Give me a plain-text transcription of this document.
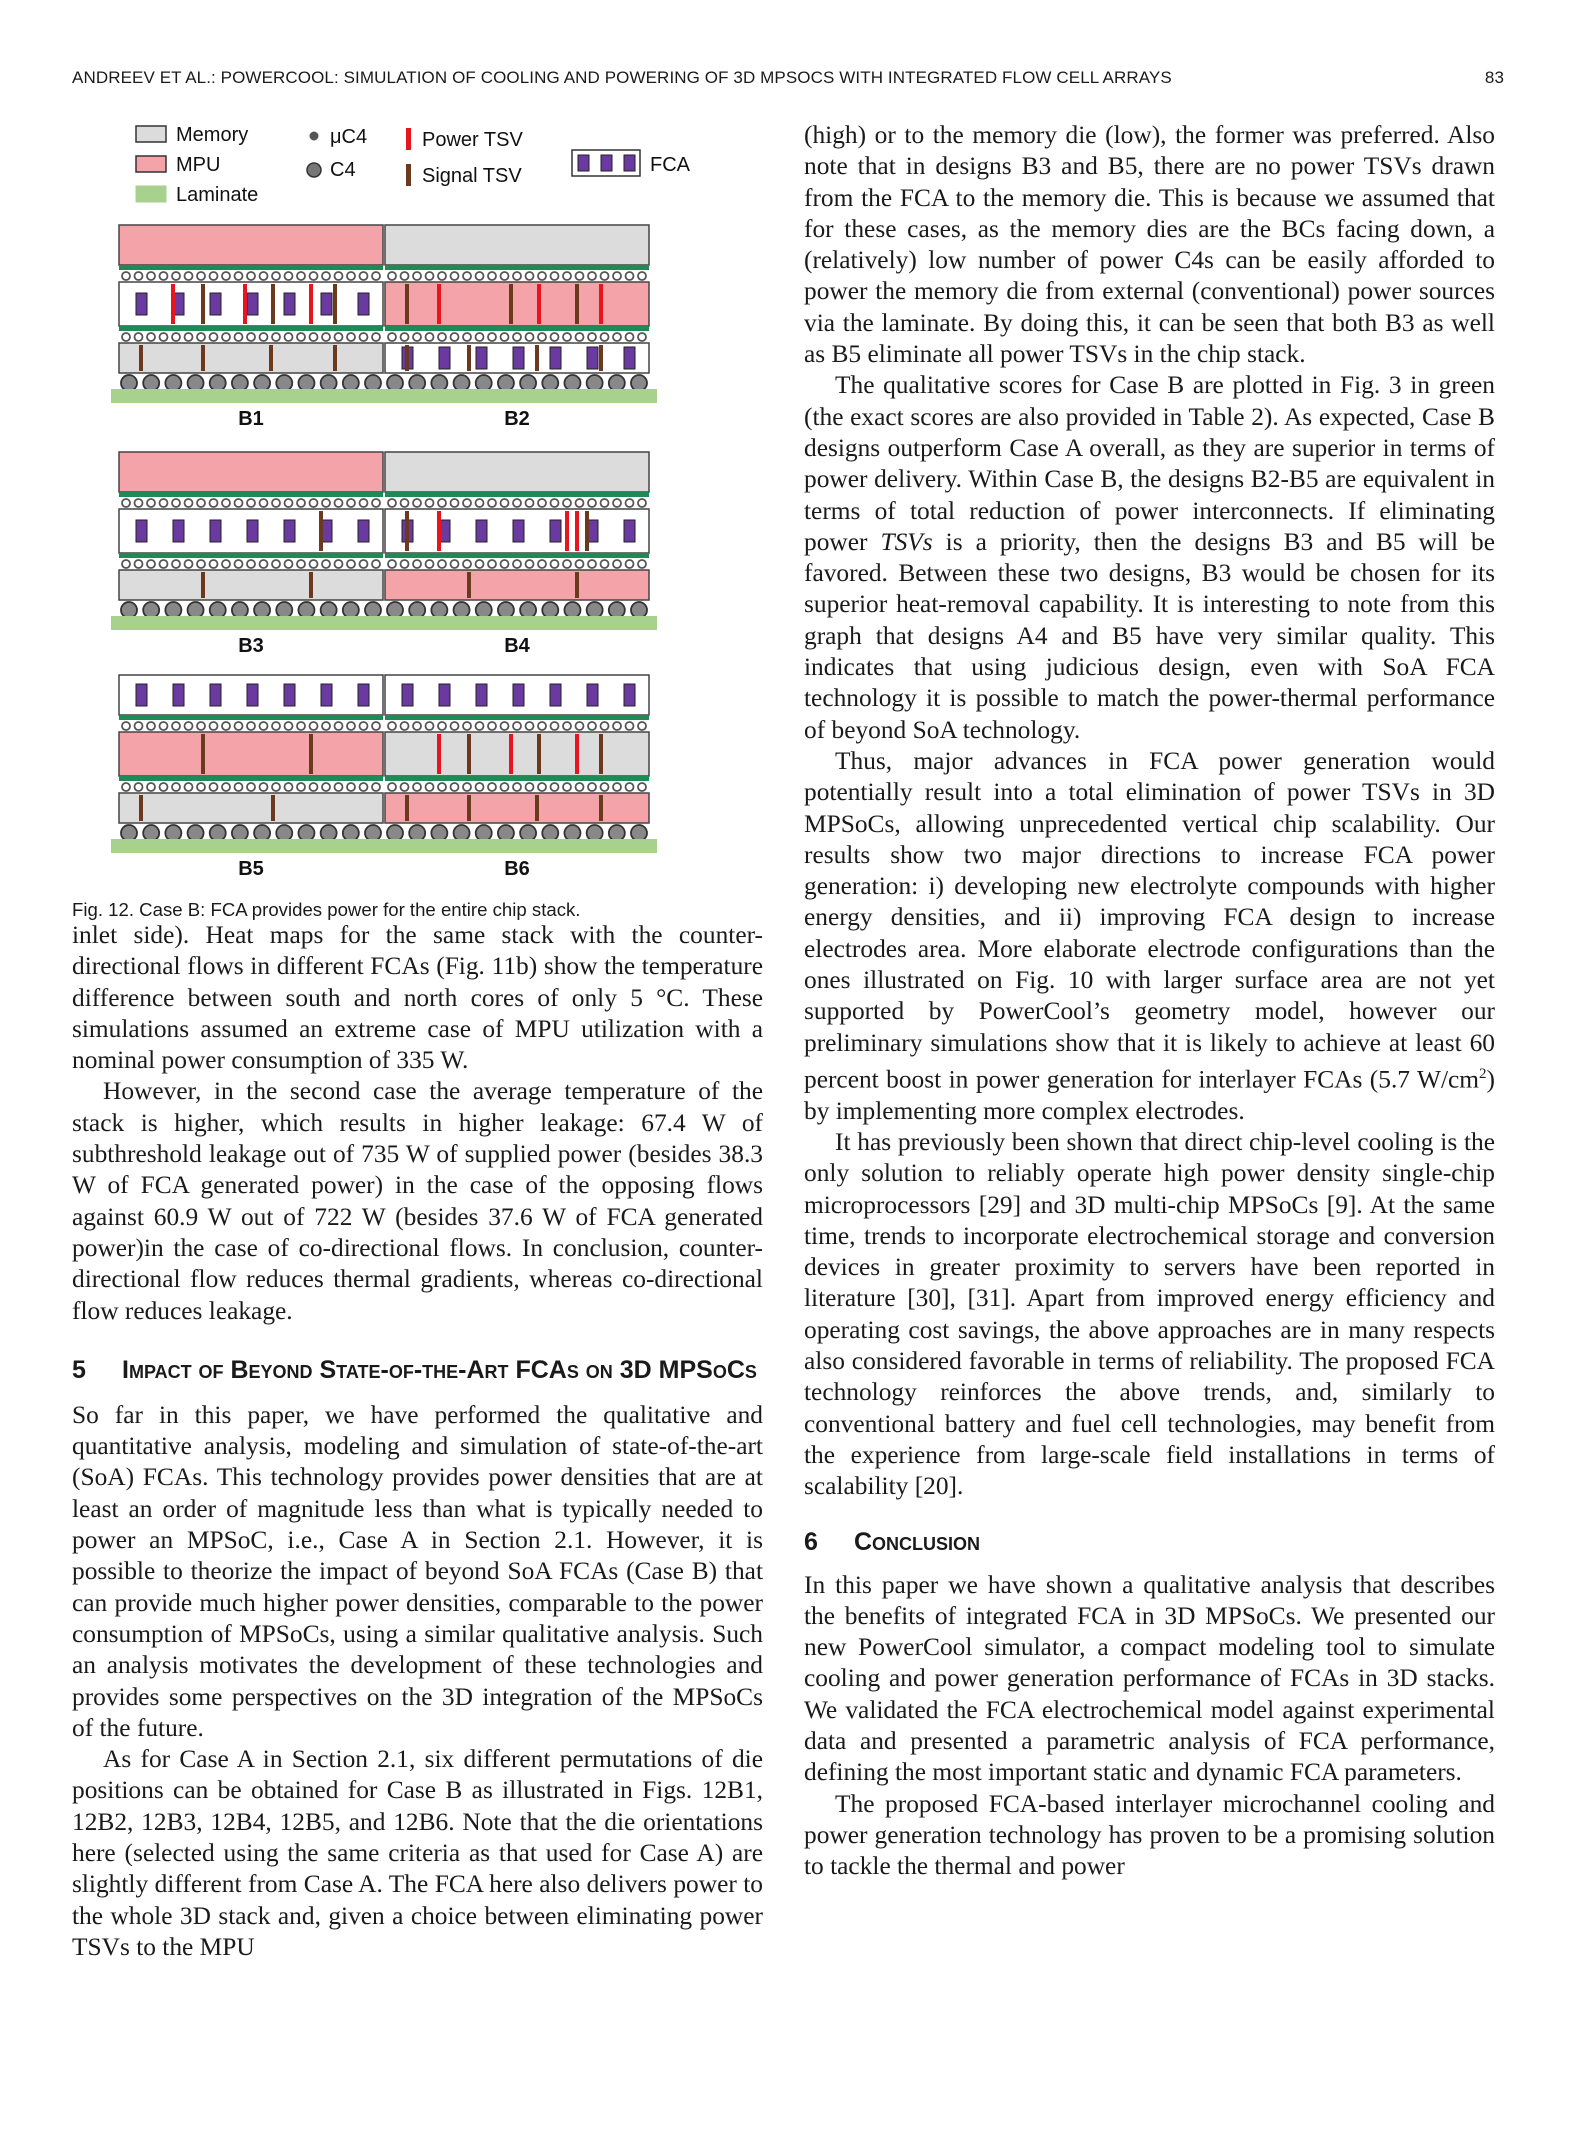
ANDREEV ET AL.: POWERCOOL: SIMULATION OF COOLING AND POWERING OF 3D MPSOCS WITH INTEGRATED FLOW CELL ARRAYS	83
Memory
MPU
Laminate
μC4
C4
Power TSV
Signal TSV	FCA
B1	B2
B3	B4
B5	B6
Fig. 12. Case B: FCA provides power for the entire chip stack.

inlet side). Heat maps for the same stack with the counter-directional flows in different FCAs (Fig. 11b) show the temperature difference between south and north cores of only 5 °C. These simulations assumed an extreme case of MPU utilization with a nominal power consumption of 335 W.

However, in the second case the average temperature of the stack is higher, which results in higher leakage: 67.4 W of subthreshold leakage out of 735 W of supplied power (besides 38.3 W of FCA generated power) in the case of the opposing flows against 60.9 W out of 722 W (besides 37.6 W of FCA generated power)in the case of co-directional flows. In conclusion, counter-directional flow reduces thermal gradients, whereas co-directional flow reduces leakage.

5 Impact of Beyond State-of-the-Art FCAs on 3D MPSoCs

So far in this paper, we have performed the qualitative and quantitative analysis, modeling and simulation of state-of-the-art (SoA) FCAs. This technology provides power densities that are at least an order of magnitude less than what is typically needed to power an MPSoC, i.e., Case A in Section 2.1. However, it is possible to theorize the impact of beyond SoA FCAs (Case B) that can provide much higher power densities, comparable to the power consumption of MPSoCs, using a similar qualitative analysis. Such an analysis motivates the development of these technologies and provides some perspectives on the 3D integration of the MPSoCs of the future.

As for Case A in Section 2.1, six different permutations of die positions can be obtained for Case B as illustrated in Figs. 12B1, 12B2, 12B3, 12B4, 12B5, and 12B6. Note that the die orientations here (selected using the same criteria as that used for Case A) are slightly different from Case A. The FCA here also delivers power to the whole 3D stack and, given a choice between eliminating power TSVs to the MPU

(high) or to the memory die (low), the former was preferred. Also note that in designs B3 and B5, there are no power TSVs drawn from the FCA to the memory die. This is because we assumed that for these cases, as the memory dies are the BCs facing down, a (relatively) low number of power C4s can be easily afforded to power the memory die from external (conventional) power sources via the laminate. By doing this, it can be seen that both B3 as well as B5 eliminate all power TSVs in the chip stack.

The qualitative scores for Case B are plotted in Fig. 3 in green (the exact scores are also provided in Table 2). As expected, Case B designs outperform Case A overall, as they are superior in terms of power delivery. Within Case B, the designs B2-B5 are equivalent in terms of total reduction of power interconnects. If eliminating power TSVs is a priority, then the designs B3 and B5 will be favored. Between these two designs, B3 would be chosen for its superior heat-removal capability. It is interesting to note from this graph that designs A4 and B5 have very similar quality. This indicates that using judicious design, even with SoA FCA technology it is possible to match the power-thermal performance of beyond SoA technology.

Thus, major advances in FCA power generation would potentially result into a total elimination of power TSVs in 3D MPSoCs, allowing unprecedented vertical chip scalability. Our results show two major directions to increase FCA power generation: i) developing new electrolyte compounds with higher energy densities, and ii) improving FCA design to increase electrodes area. More elaborate electrode configurations than the ones illustrated on Fig. 10 with larger surface area are not yet supported by PowerCool’s geometry model, however our preliminary simulations show that it is likely to achieve at least 60 percent boost in power generation for interlayer FCAs (5.7 $W/cm^2$) by implementing more complex electrodes.

It has previously been shown that direct chip-level cooling is the only solution to reliably operate high power density single-chip microprocessors [29] and 3D multi-chip MPSoCs [9]. At the same time, trends to incorporate electrochemical storage and conversion devices in greater proximity to servers have been reported in literature [30], [31]. Apart from improved energy efficiency and operating cost savings, the above approaches are in many respects also considered favorable in terms of reliability. The proposed FCA technology reinforces the above trends, and, similarly to conventional battery and fuel cell technologies, may benefit from the experience from large-scale field installations in terms of scalability [20].

6 Conclusion

In this paper we have shown a qualitative analysis that describes the benefits of integrated FCA in 3D MPSoCs. We presented our new PowerCool simulator, a compact modeling tool to simulate cooling and power generation performance of FCAs in 3D stacks. We validated the FCA electrochemical model against experimental data and presented a parametric analysis of FCA performance, defining the most important static and dynamic FCA parameters.

The proposed FCA-based interlayer microchannel cooling and power generation technology has proven to be a promising solution to tackle the thermal and power
